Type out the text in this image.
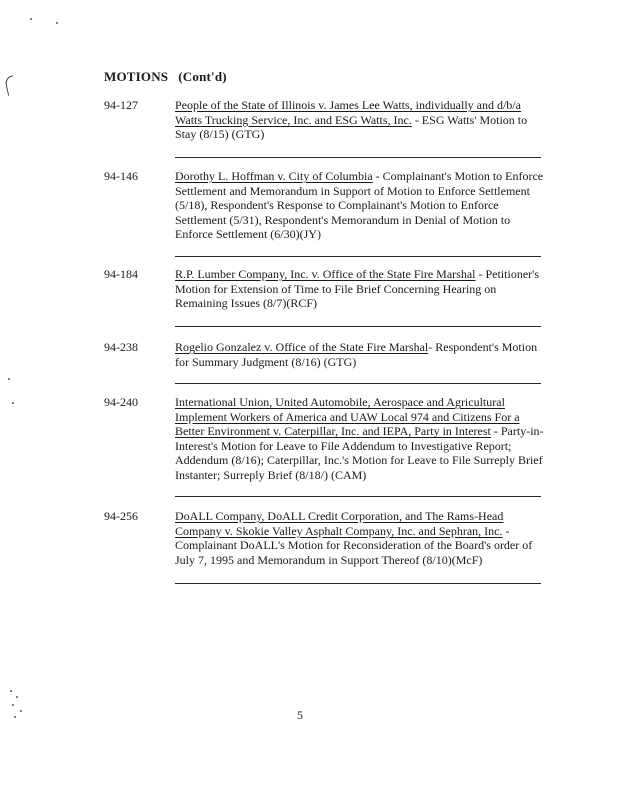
MOTIONS (Cont'd)
94-127	People of the State of Illinois v. James Lee Watts, individually and d/b/a Watts Trucking Service, Inc. and ESG Watts, Inc. - ESG Watts' Motion to Stay (8/15) (GTG)
94-146	Dorothy L. Hoffman v. City of Columbia - Complainant's Motion to Enforce Settlement and Memorandum in Support of Motion to Enforce Settlement (5/18), Respondent's Response to Complainant's Motion to Enforce Settlement (5/31), Respondent's Memorandum in Denial of Motion to Enforce Settlement (6/30)(JY)
94-184	R.P. Lumber Company, Inc. v. Office of the State Fire Marshal - Petitioner's Motion for Extension of Time to File Brief Concerning Hearing on Remaining Issues (8/7)(RCF)
94-238	Rogelio Gonzalez v. Office of the State Fire Marshal- Respondent's Motion for Summary Judgment (8/16) (GTG)
94-240	International Union, United Automobile, Aerospace and Agricultural Implement Workers of America and UAW Local 974 and Citizens For a Better Environment v. Caterpillar, Inc. and IEPA, Party in Interest - Party-in-Interest's Motion for Leave to File Addendum to Investigative Report; Addendum (8/16); Caterpillar, Inc.'s Motion for Leave to File Surreply Brief Instanter; Surreply Brief (8/18/) (CAM)
94-256	DoALL Company, DoALL Credit Corporation, and The Rams-Head Company v. Skokie Valley Asphalt Company, Inc. and Sephran, Inc. - Complainant DoALL's Motion for Reconsideration of the Board's order of July 7, 1995 and Memorandum in Support Thereof (8/10)(McF)
5
